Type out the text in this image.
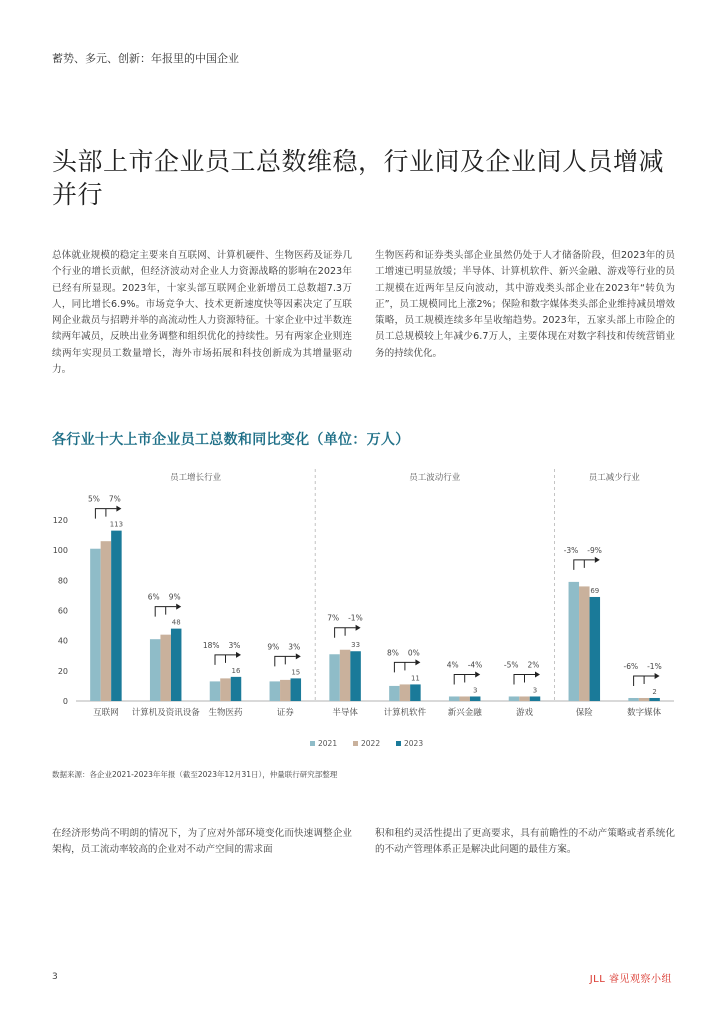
蓄势、多元、创新：年报里的中国企业
头部上市企业员工总数维稳，行业间及企业间人员增减并行
总体就业规模的稳定主要来自互联网、计算机硬件、生物医药及证券几个行业的增长贡献，但经济波动对企业人力资源战略的影响在2023年已经有所显现。2023年，十家头部互联网企业新增员工总数超7.3万人，同比增长6.9%。市场竞争大、技术更新速度快等因素决定了互联网企业裁员与招聘并举的高流动性人力资源特征。十家企业中过半数连续两年减员，反映出业务调整和组织优化的持续性。另有两家企业则连续两年实现员工数量增长，海外市场拓展和科技创新成为其增量驱动力。
生物医药和证券类头部企业虽然仍处于人才储备阶段，但2023年的员工增速已明显放缓；半导体、计算机软件、新兴金融、游戏等行业的员工规模在近两年呈反向波动，其中游戏类头部企业在2023年“转负为正”，员工规模同比上涨2%；保险和数字媒体类头部企业维持减员增效策略，员工规模连续多年呈收缩趋势。2023年，五家头部上市险企的员工总规模较上年减少6.7万人，主要体现在对数字科技和传统营销业务的持续优化。
各行业十大上市企业员工总数和同比变化（单位：万人）
0
20
40
60
80
100
120
员工增长行业	员工波动行业	员工减少行业
113
互联网
5% 7%
48
计算机及资讯设备
6% 9%
16
生物医药
18% 3%
15
证券
9% 3%	33
半导体
7% -1%
11
计算机软件
8% 0%
3
新兴金融
4% -4%
3
游戏
-5% 2%
69
保险
-3% -9%
2
数字媒体
-6% -1%
2021	2022	2023
数据来源：各企业2021-2023年年报（截至2023年12月31日），仲量联行研究部整理
在经济形势尚不明朗的情况下，为了应对外部环境变化而快速调整企业架构，员工流动率较高的企业对不动产空间的需求面
积和租约灵活性提出了更高要求，具有前瞻性的不动产策略或者系统化的不动产管理体系正是解决此问题的最佳方案。
3	JLL 睿见观察小组
